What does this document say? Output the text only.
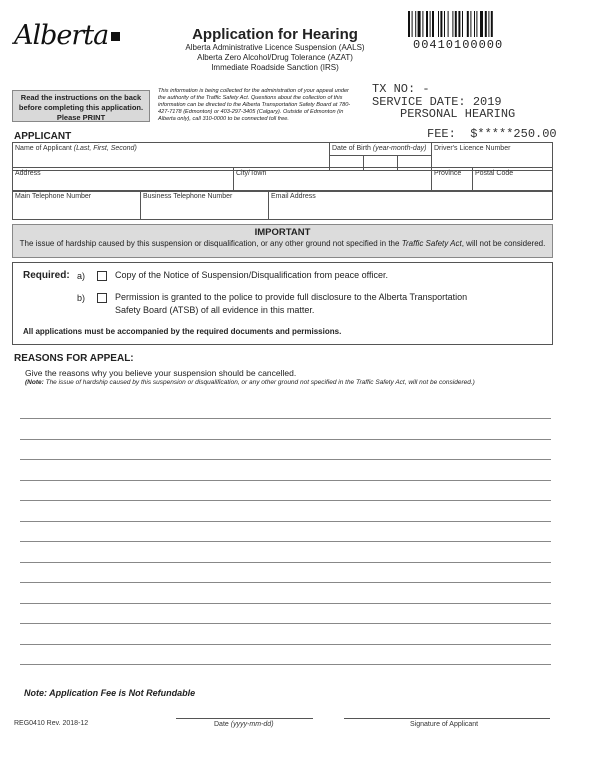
Alberta	Application for Hearing
Alberta Administrative Licence Suspension (AALS)
Alberta Zero Alcohol/Drug Tolerance (AZAT)
Immediate Roadside Sanction (IRS)
00410100000
Read the instructions on the back
before completing this application.
Please PRINT
This information is being collected for the administration of your appeal under the authority of the Traffic Safety Act. Questions about the collection of this information can be directed to the Alberta Transportation Safety Board at 780-427-7178 (Edmonton) or 403-297-3405 (Calgary). Outside of Edmonton (in Alberta only), call 310-0000 to be connected toll free.
TX NO: -
SERVICE DATE: 2019
PERSONAL HEARING
FEE:  $*****250.00
APPLICANT
Name of Applicant (Last, First, Second)	Date of Birth (year-month-day)	Driver's Licence Number
Address	City/Town	Province	Postal Code
Main Telephone Number	Business Telephone Number	Email Address
IMPORTANT
The issue of hardship caused by this suspension or disqualification, or any other ground not specified in the Traffic Safety Act, will not be considered.
Required: a)	Copy of the Notice of Suspension/Disqualification from peace officer.
b)	Permission is granted to the police to provide full disclosure to the Alberta Transportation
Safety Board (ATSB) of all evidence in this matter.
All applications must be accompanied by the required documents and permissions.
REASONS FOR APPEAL:
Give the reasons why you believe your suspension should be cancelled.
(Note: The issue of hardship caused by this suspension or disqualification, or any other ground not specified in the Traffic Safety Act, will not be considered.)
Note: Application Fee is Not Refundable
REG0410 Rev. 2018-12	Date (yyyy-mm-dd)	Signature of Applicant
